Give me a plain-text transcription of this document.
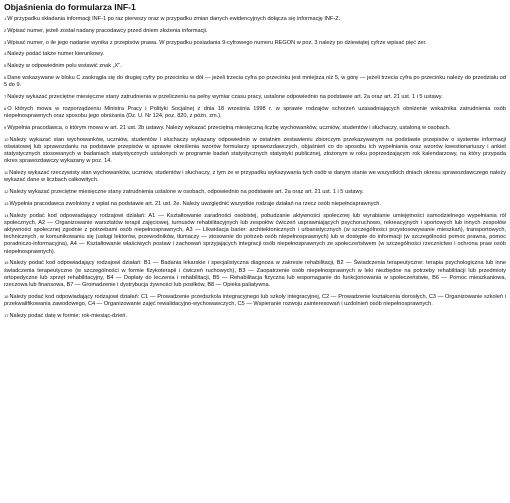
Objaśnienia do formularza INF-1

$^1$W przypadku składania informacji INF-1 po raz pierwszy oraz w przypadku zmian danych ewidencyjnych dołącza się informację INF-Z.

$^2$Wpisać numer, jeżeli został nadany pracodawcy przed dniem złożenia informacji.

$^3$Wpisać numer, o ile jego nadanie wynika z przepisów prawa. W przypadku posiadania 9-cyfrowego numeru REGON w poz. 3 należy po dziewiątej cyfrze wpisać pięć zer.

$^4$Należy podać także numer kierunkowy.

$^5$Należy w odpowiednim polu wstawić znak „X”.

$^6$Dane wskazywane w bloku C zaokrągla się do drugiej cyfry po przecinku w dół — jeżeli trzecia cyfra po przecinku jest mniejsza niż 5, w górę — jeżeli trzecia cyfra po przecinku należy do przedziału od 5 do 9.

$^7$Należy wykazać przeciętne miesięczne stany zatrudnienia w przeliczeniu na pełny wymiar czasu pracy, ustalone odpowiednio na podstawie art. 2a oraz art. 21 ust. 1 i 5 ustawy.

$^8$O których mowa w rozporządzeniu Ministra Pracy i Polityki Socjalnej z dnia 18 września 1998 r. w sprawie rodzajów schorzeń uzasadniających obniżenie wskaźnika zatrudnienia osób niepełnosprawnych oraz sposobu jego obniżania (Dz. U. Nr 124, poz. 820, z późn. zm.).

$^9$Wypełnia pracodawca, o którym mowa w art. 21 ust. 2b ustawy. Należy wykazać przeciętną miesięczną liczbę wychowanków, uczniów, studentów i słuchaczy, ustaloną w osobach.

$^{10}$Należy wykazać stan wychowanków, uczniów, studentów i słuchaczy wykazany odpowiednio w ostatnim zestawieniu zbiorczym przekazywanym na podstawie przepisów o systemie informacji oświatowej lub sprawozdaniu na podstawie przepisów w sprawie określenia wzorów formularzy sprawozdawczych, objaśnień co do sposobu ich wypełniania oraz wzorów kwestionariuszy i ankiet statystycznych stosowanych w badaniach statystycznych ustalonych w programie badań statystycznych statystyki publicznej, złożonym w roku poprzedzającym rok kalendarzowy, na który przypada okres sprawozdawczy wykazany w poz. 14.

$^{11}$Należy wykazać rzeczywisty stan wychowanków, uczniów, studentów i słuchaczy, z tym że w przypadku wykazywania tych osób w danym stanie we wszystkich dniach okresu sprawozdawczego należy wykazać dane w liczbach całkowitych.

$^{12}$Należy wykazać przeciętne miesięczne stany zatrudnienia ustalone w osobach, odpowiednio na podstawie art. 2a oraz art. 21 ust. 1 i 5 ustawy.

$^{13}$Wypełnia pracodawca zwolniony z wpłat na podstawie art. 21 ust. 2e. Należy uwzględnić wszystkie rodzaje działań na rzecz osób niepełnosprawnych.

$^{14}$Należy podać kod odpowiadający rodzajowi działań: A1 — Kształtowanie zaradności osobistej, pobudzanie aktywności społecznej lub wyrabianie umiejętności samodzielnego wypełniania ról społecznych, A2 — Organizowanie warsztatów terapii zajęciowej, turnusów rehabilitacyjnych lub zespołów ćwiczeń usprawniających psychoruchowo, rekreacyjnych i sportowych lub innych zespołów aktywności społecznej zgodnie z potrzebami osób niepełnosprawnych, A3 — Likwidacja barier: architektonicznych i urbanistycznych (w szczególności przystosowywanie mieszkań), transportowych, technicznych, w komunikowaniu się (usługi lektorów, przewodników, tłumaczy — stosownie do potrzeb osób niepełnosprawnych) lub w dostępie do informacji (w szczególności pomoc prawna, pomoc poradniczo-informacyjna), A4 — Kształtowanie właściwych postaw i zachowań sprzyjających integracji osób niepełnosprawnych ze społeczeństwem (w szczególności rzecznictwo i ochrona praw osób niepełnosprawnych).

$^{15}$Należy podać kod odpowiadający rodzajowi działań: B1 — Badania lekarskie i specjalistyczna diagnoza w zakresie rehabilitacji, B2 — Świadczenia terapeutyczne: terapia psychologiczna lub inne świadczenia terapeutyczne (w szczególności w formie fizykoterapii i ćwiczeń ruchowych), B3 — Zaopatrzenie osób niepełnosprawnych w leki niezbędne na potrzeby rehabilitacji lub przedmioty ortopedyczne lub sprzęt rehabilitacyjny, B4 — Dopłaty do leczenia i rehabilitacji, B5 — Rehabilitacja fizyczna lub wspomaganie do funkcjonowania w społeczeństwie, B6 — Pomoc mieszkaniowa, rzeczowa lub finansowa, B7 — Gromadzenie i dystrybucja żywności lub posiłków, B8 — Opieka paliatywna.

$^{16}$Należy podać kod odpowiadający rodzajowi działań: C1 — Prowadzenie przedszkola integracyjnego lub szkoły integracyjnej, C2 — Prowadzenie kształcenia dorosłych, C3 — Organizowanie szkoleń i przekwalifikowania zawodowego, C4 — Organizowanie zajęć rewalidacyjno-wychowawczych, C5 — Wspieranie rozwoju zainteresowań i uzdolnień osób niepełnosprawnych.

$^{17}$Należy podać datę w formie: rok-miesiąc-dzień.
